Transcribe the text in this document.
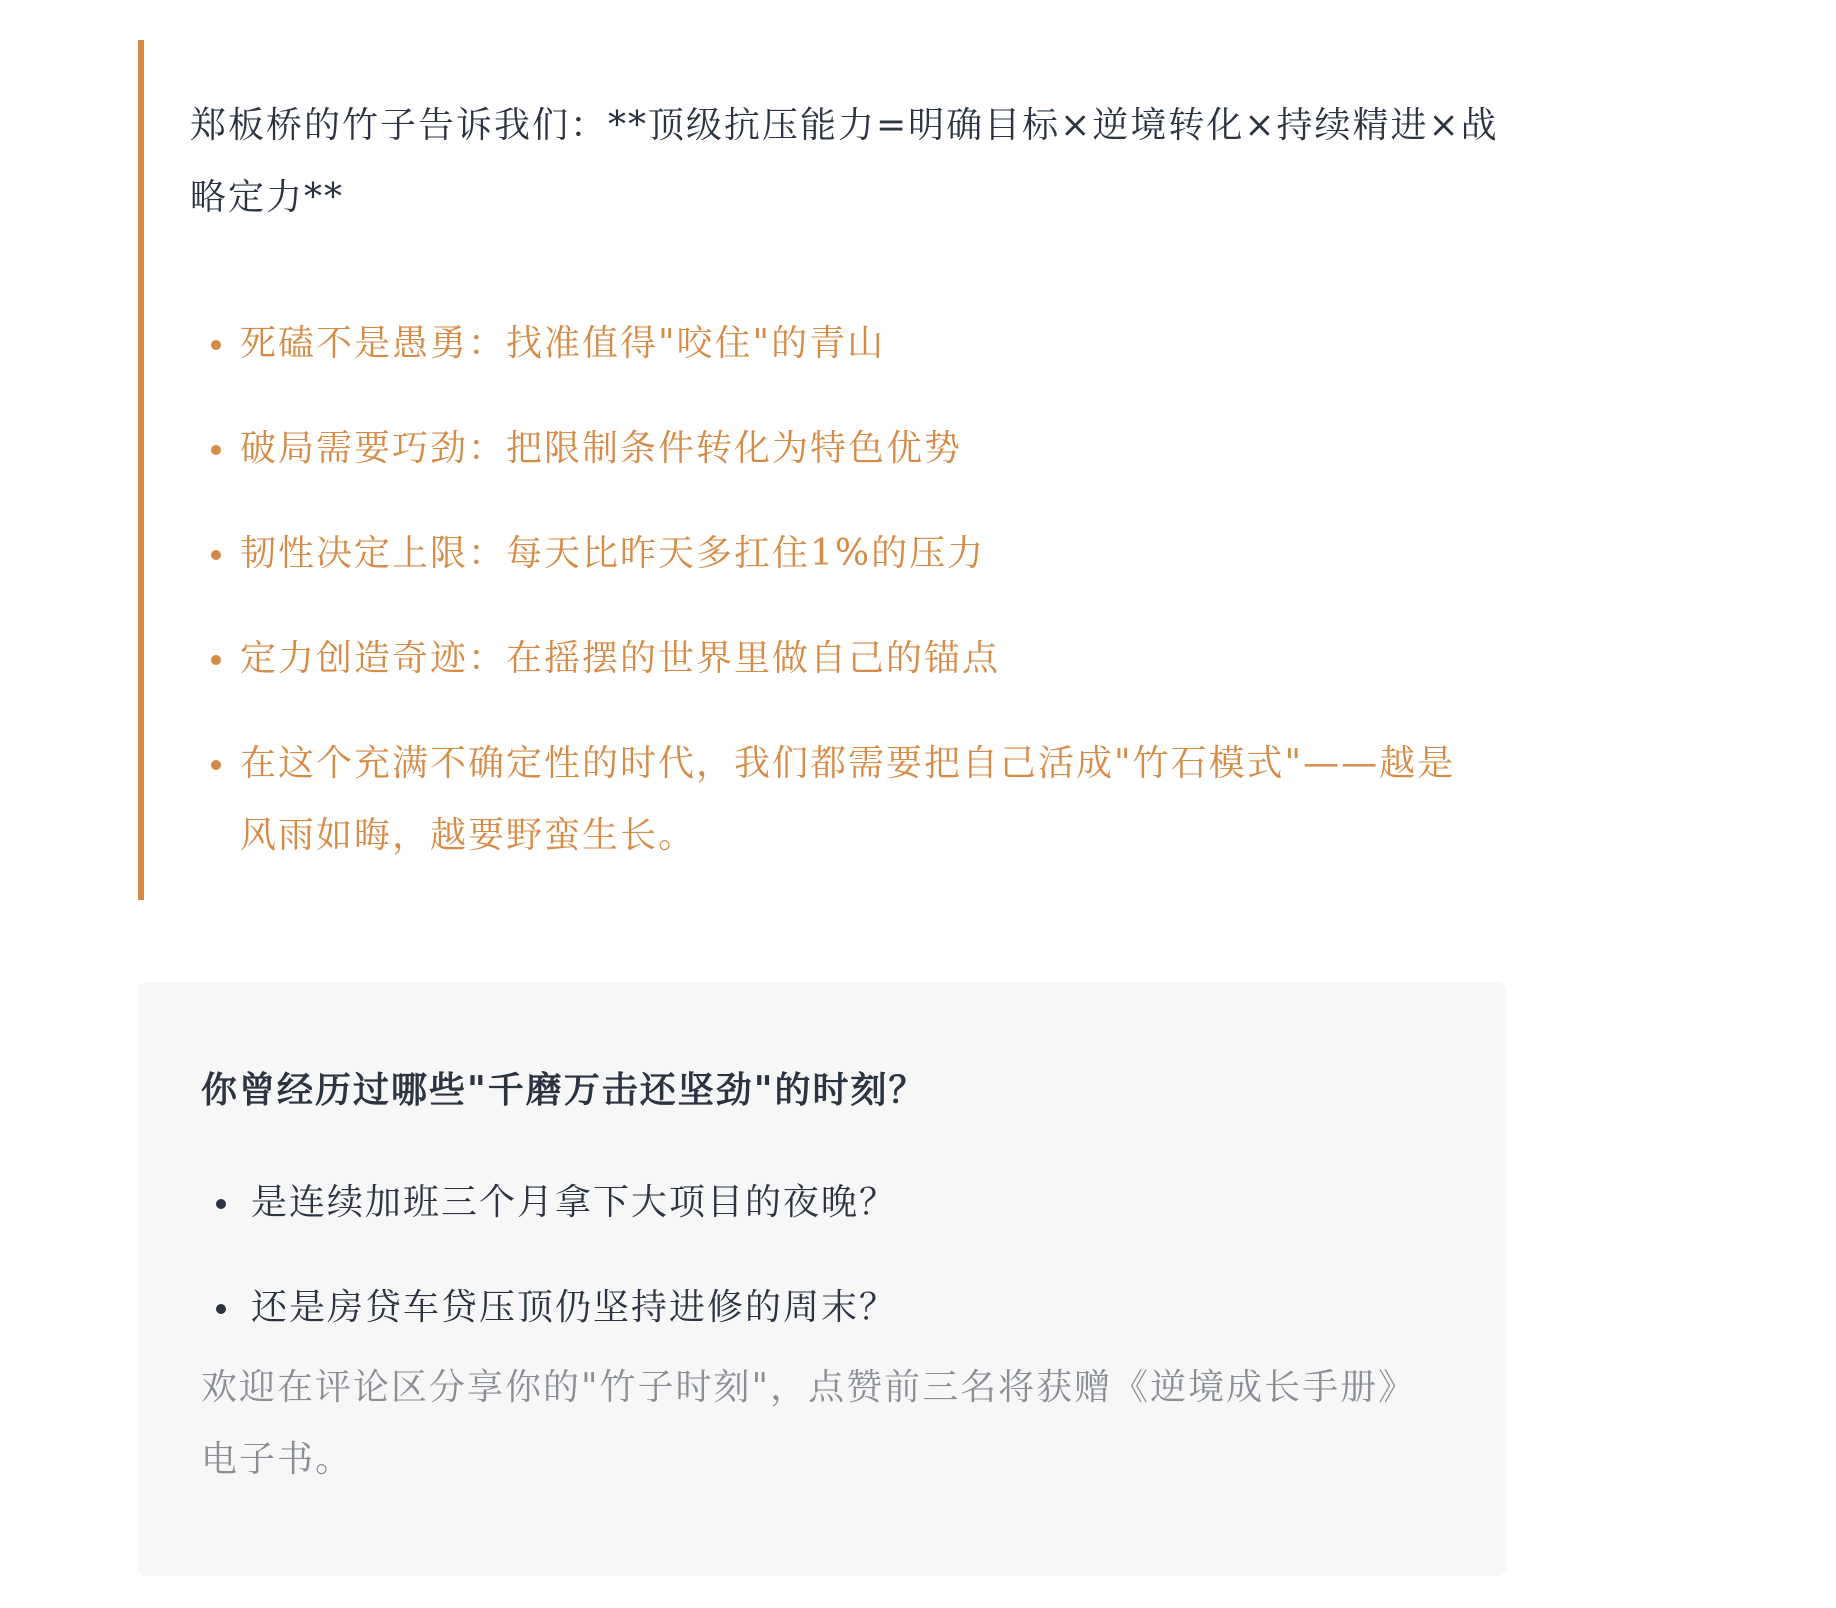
郑板桥的竹子告诉我们：**顶级抗压能力=明确目标×逆境转化×持续精进×战略定力**

死磕不是愚勇：找准值得"咬住"的青山
破局需要巧劲：把限制条件转化为特色优势
韧性决定上限：每天比昨天多扛住1%的压力
定力创造奇迹：在摇摆的世界里做自己的锚点
在这个充满不确定性的时代，我们都需要把自己活成"竹石模式"——越是风雨如晦，越要野蛮生长。

你曾经历过哪些"千磨万击还坚劲"的时刻？

是连续加班三个月拿下大项目的夜晚？
还是房贷车贷压顶仍坚持进修的周末？

欢迎在评论区分享你的"竹子时刻"，点赞前三名将获赠《逆境成长手册》电子书。
